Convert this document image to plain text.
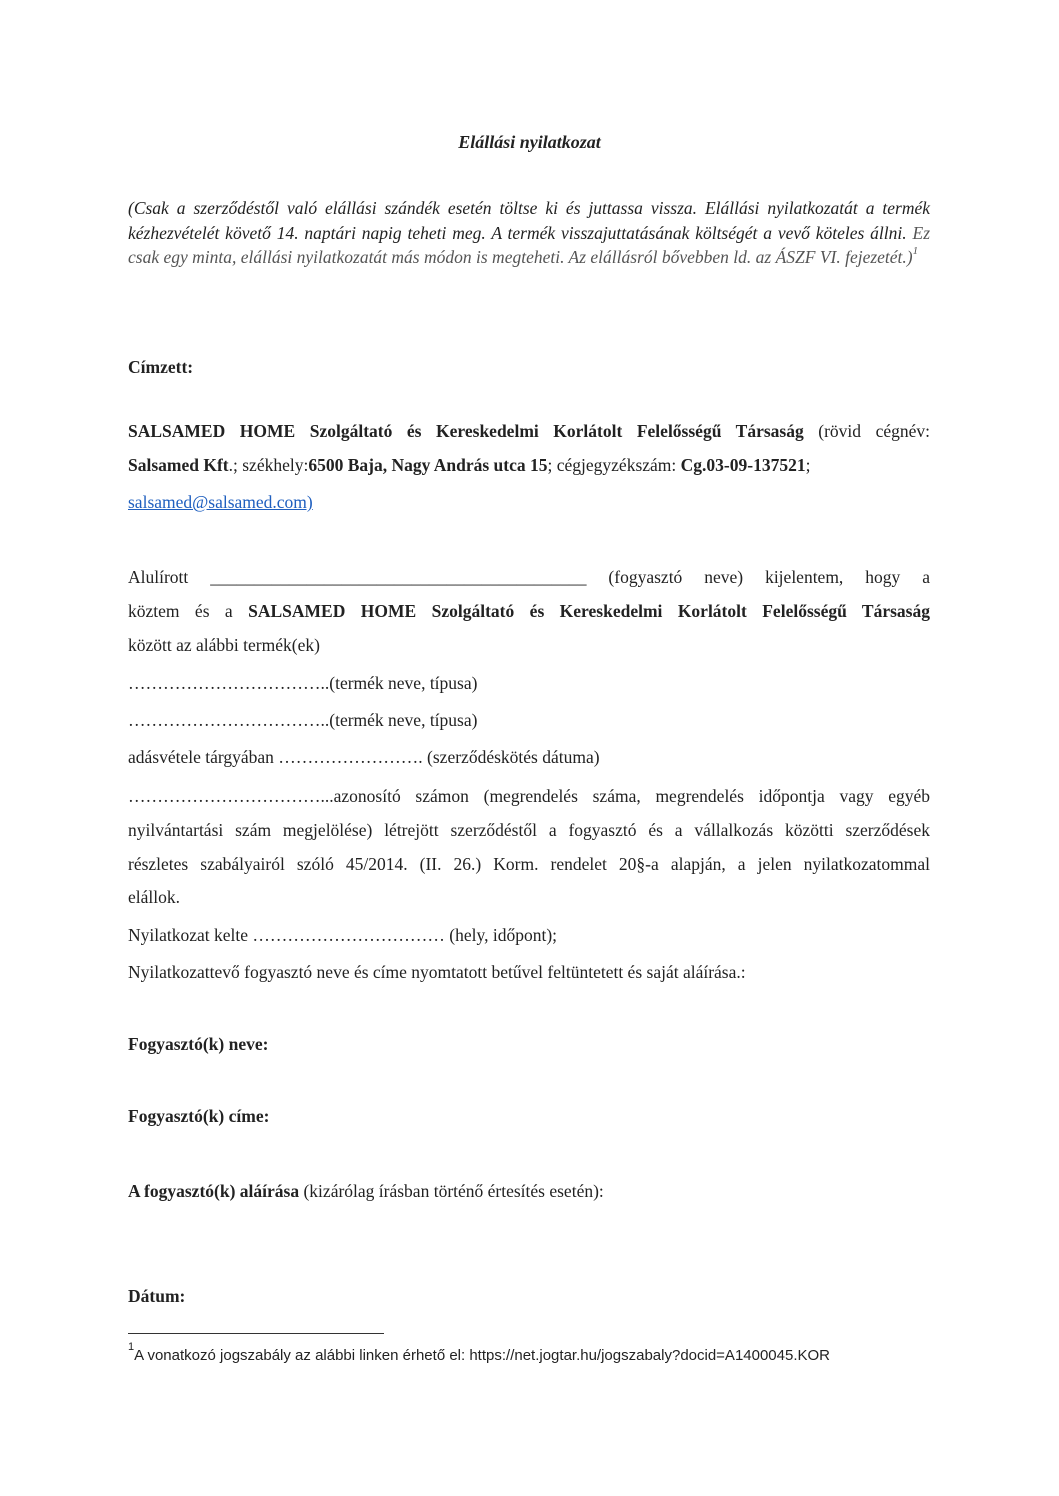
Elállási nyilatkozat
(Csak a szerződéstől való elállási szándék esetén töltse ki és juttassa vissza. Elállási nyilatkozatát a termék kézhezvételét követő 14. naptári napig teheti meg. A termék visszajuttatásának költségét a vevő köteles állni. Ez csak egy minta, elállási nyilatkozatát más módon is megteheti. Az elállásról bővebben ld. az ÁSZF VI. fejezetét.)$^1$
Címzett:
SALSAMED HOME Szolgáltató és Kereskedelmi Korlátolt Felelősségű Társaság (rövid cégnév:
Salsamed Kft.; székhely:6500 Baja, Nagy András utca 15; cégjegyzékszám: Cg.03-09-137521;
salsamed@salsamed.com)
Alulírott ___________________________________________ (fogyasztó neve) kijelentem, hogy a
köztem és a SALSAMED HOME Szolgáltató és Kereskedelmi Korlátolt Felelősségű Társaság
között az alábbi termék(ek)
……………………………..(termék neve, típusa)
……………………………..(termék neve, típusa)
adásvétele tárgyában ……………………. (szerződéskötés dátuma)
……………………………...azonosító számon (megrendelés száma, megrendelés időpontja vagy egyéb
nyilvántartási szám megjelölése) létrejött szerződéstől a fogyasztó és a vállalkozás közötti szerződések
részletes szabályairól szóló 45/2014. (II. 26.) Korm. rendelet 20§-a alapján, a jelen nyilatkozatommal
elállok.
Nyilatkozat kelte …………………………… (hely, időpont);
Nyilatkozattevő fogyasztó neve és címe nyomtatott betűvel feltüntetett és saját aláírása.:
Fogyasztó(k) neve:
Fogyasztó(k) címe:
A fogyasztó(k) aláírása (kizárólag írásban történő értesítés esetén):
Dátum:
$^1$A vonatkozó jogszabály az alábbi linken érhető el: https://net.jogtar.hu/jogszabaly?docid=A1400045.KOR
